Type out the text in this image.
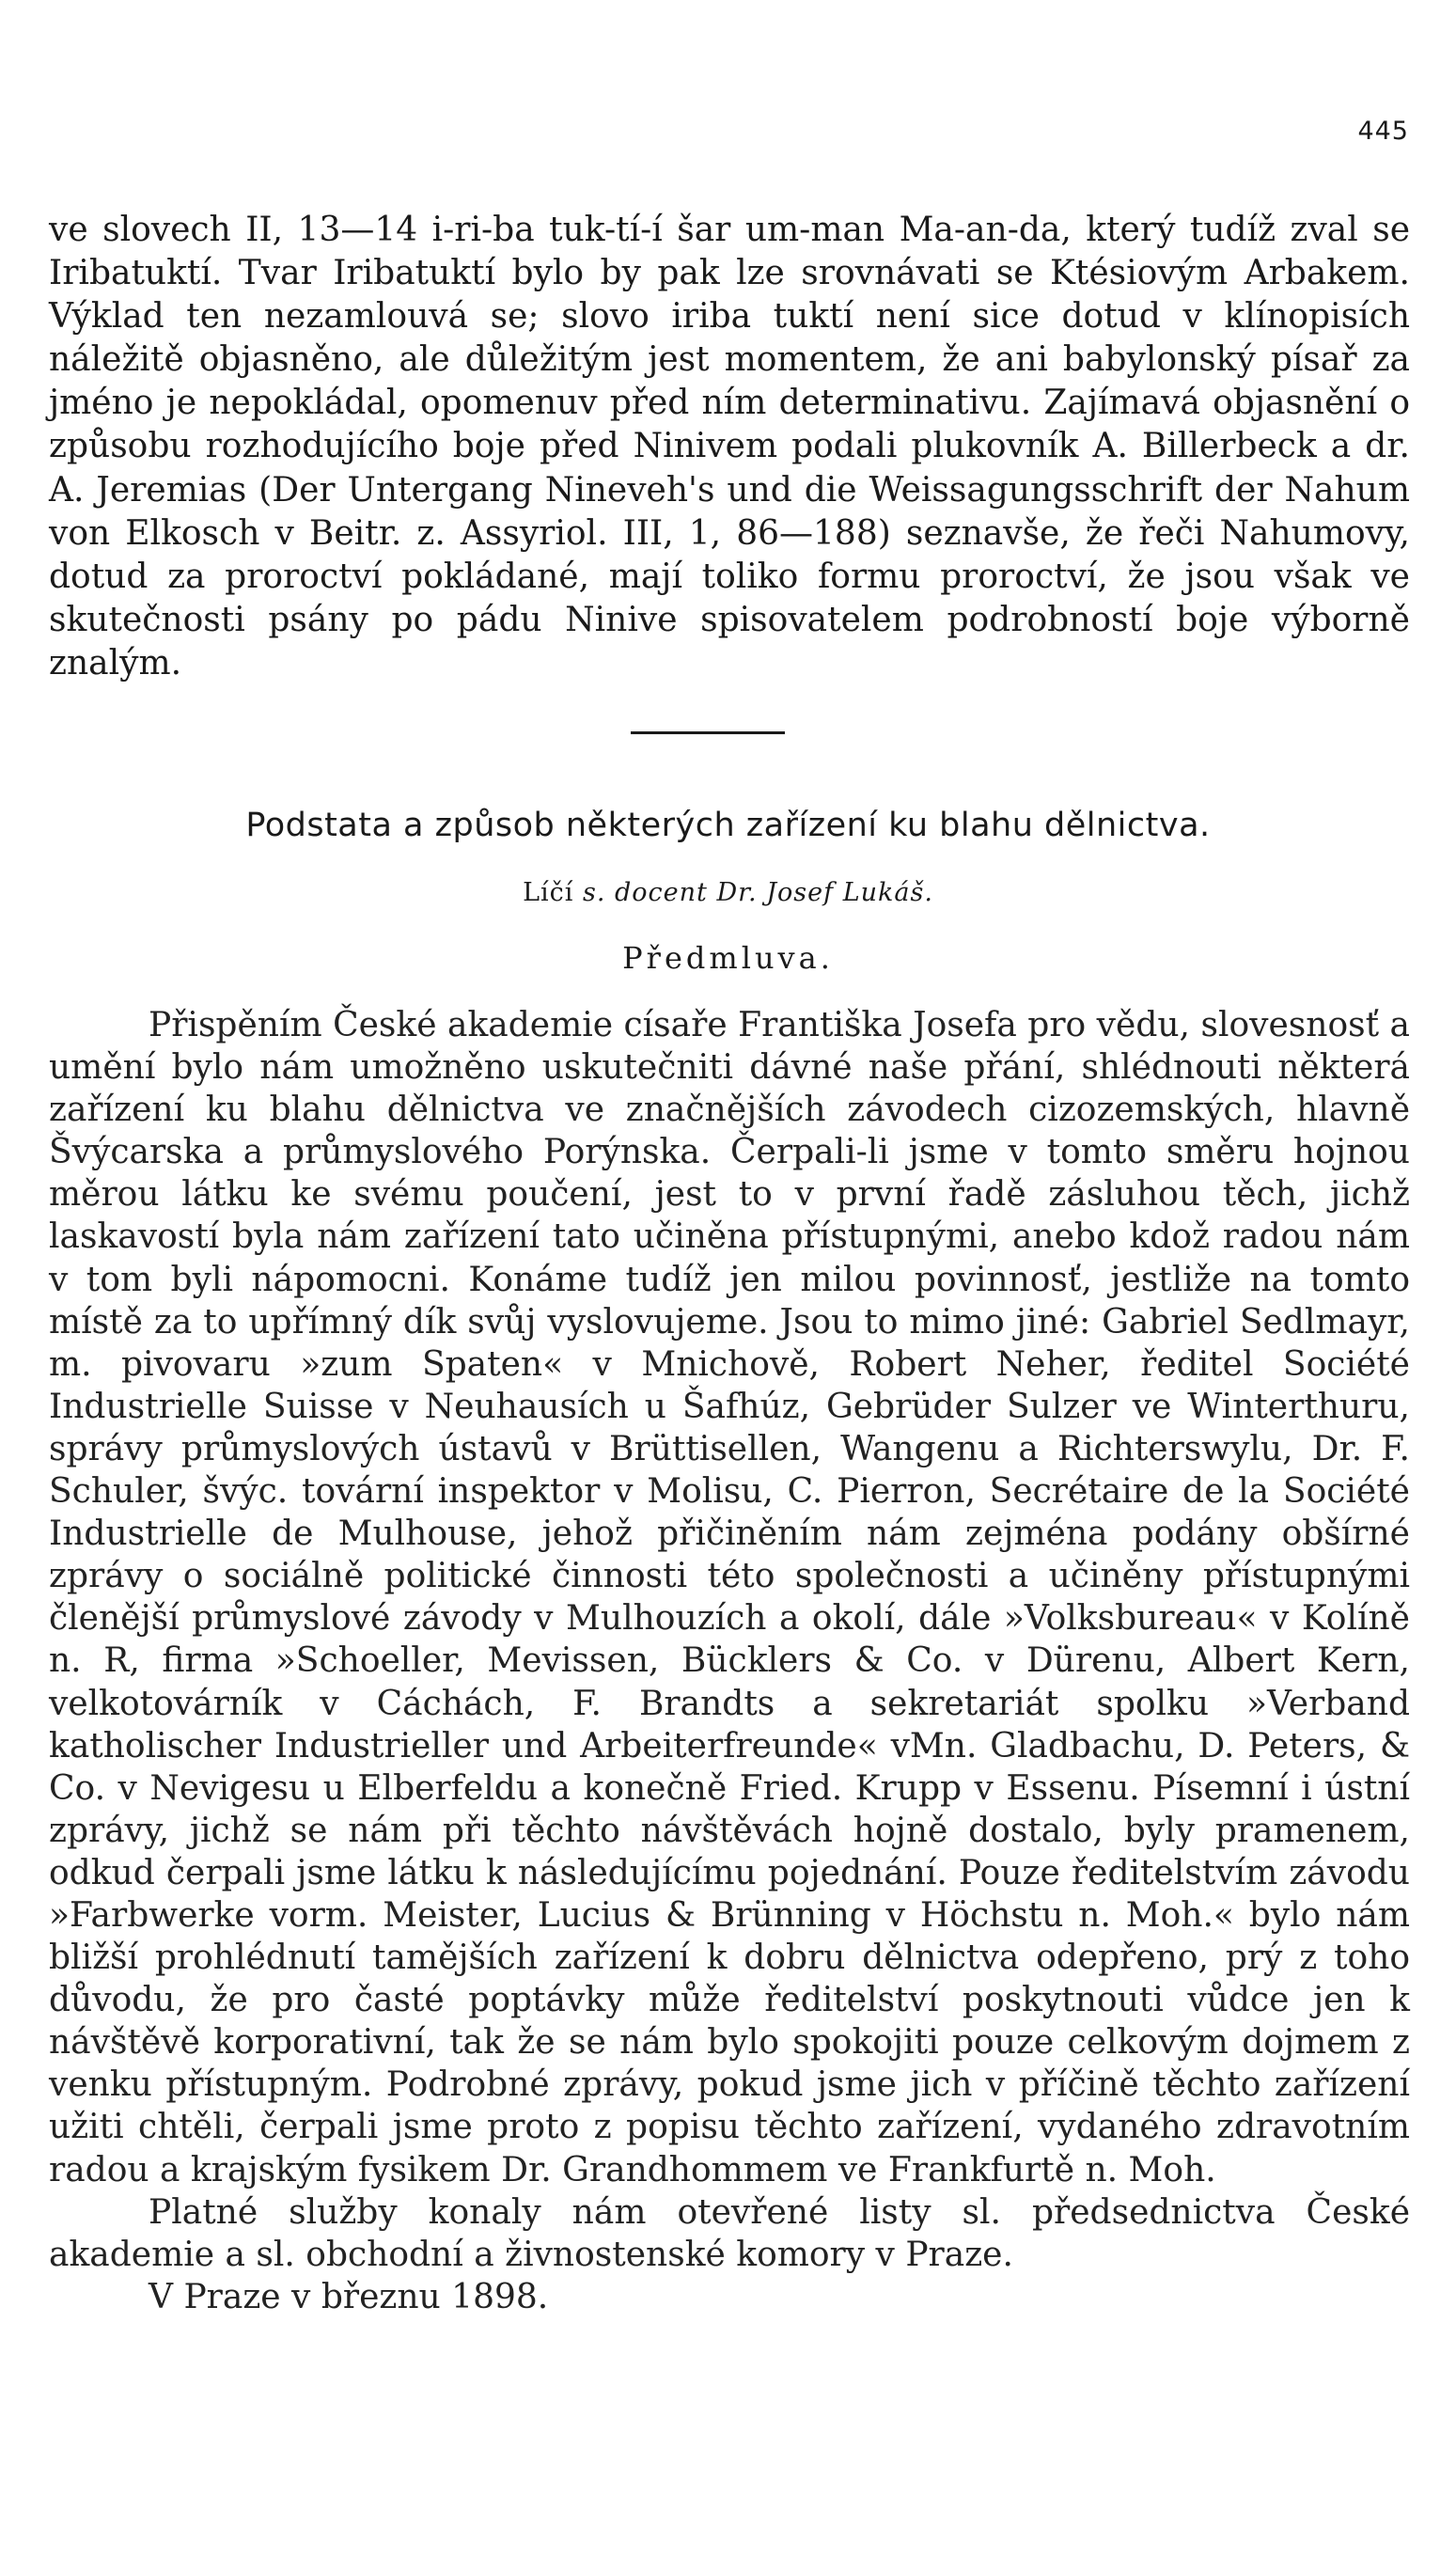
445
ve slovech II, 13—14 i-ri-ba tuk-tí-í šar um-man Ma-an-da, který tudíž zval se Iribatuktí. Tvar Iribatuktí bylo by pak lze srovnávati se Ktésiovým Arbakem. Výklad ten nezamlouvá se; slovo iriba tuktí není sice dotud v klínopisích náležitě objasněno, ale důležitým jest momentem, že ani babylonský písař za jméno je nepokládal, opomenuv před ním determinativu. Zajímavá objasnění o způsobu rozhodujícího boje před Ninivem podali plukovník A. Billerbeck a dr. A. Jeremias (Der Untergang Nineveh's und die Weissagungsschrift der Nahum von Elkosch v Beitr. z. Assyriol. III, 1, 86—188) seznavše, že řeči Nahumovy, dotud za proroctví pokládané, mají toliko formu proroctví, že jsou však ve skutečnosti psány po pádu Ninive spisovatelem podrobností boje výborně znalým.
Podstata a způsob některých zařízení ku blahu dělnictva.
Líčí s. docent Dr. Josef Lukáš.
Předmluva.

Přispěním České akademie císaře Františka Josefa pro vědu, slovesnosť a umění bylo nám umožněno uskutečniti dávné naše přání, shlédnouti některá zařízení ku blahu dělnictva ve značnějších závodech cizozemských, hlavně Švýcarska a průmyslového Porýnska. Čerpali-li jsme v tomto směru hojnou měrou látku ke svému poučení, jest to v první řadě zásluhou těch, jichž laskavostí byla nám zařízení tato učiněna přístupnými, anebo kdož radou nám v tom byli nápomocni. Konáme tudíž jen milou povinnosť, jestliže na tomto místě za to upřímný dík svůj vyslovujeme. Jsou to mimo jiné: Gabriel Sedlmayr, m. pivovaru »zum Spaten« v Mnichově, Robert Neher, ředitel Société Industrielle Suisse v Neuhausích u Šafhúz, Gebrüder Sulzer ve Winterthuru, správy průmyslových ústavů v Brüttisellen, Wangenu a Richterswylu, Dr. F. Schuler, švýc. tovární inspektor v Molisu, C. Pierron, Secrétaire de la Société Industrielle de Mulhouse, jehož přičiněním nám zejména podány obšírné zprávy o sociálně politické činnosti této společnosti a učiněny přístupnými členější průmyslové závody v Mulhouzích a okolí, dále »Volksbureau« v Kolíně n. R, firma »Schoeller, Mevissen, Bücklers & Co. v Dürenu, Albert Kern, velkotovárník v Cáchách, F. Brandts a sekretariát spolku »Verband katholischer Industrieller und Arbeiterfreunde« vMn. Gladbachu, D. Peters, & Co. v Nevigesu u Elberfeldu a konečně Fried. Krupp v Essenu. Písemní i ústní zprávy, jichž se nám při těchto návštěvách hojně dostalo, byly pramenem, odkud čerpali jsme látku k následujícímu pojednání. Pouze ředitelstvím závodu »Farbwerke vorm. Meister, Lucius & Brünning v Höchstu n. Moh.« bylo nám bližší prohlédnutí tamějších zařízení k dobru dělnictva odepřeno, prý z toho důvodu, že pro časté poptávky může ředitelství poskytnouti vůdce jen k návštěvě korporativní, tak že se nám bylo spokojiti pouze celkovým dojmem z venku přístupným. Podrobné zprávy, pokud jsme jich v příčině těchto zařízení užiti chtěli, čerpali jsme proto z popisu těchto zařízení, vydaného zdravotním radou a krajským fysikem Dr. Grandhommem ve Frankfurtě n. Moh.

Platné služby konaly nám otevřené listy sl. předsednictva České akademie a sl. obchodní a živnostenské komory v Praze.

V Praze v březnu 1898.
